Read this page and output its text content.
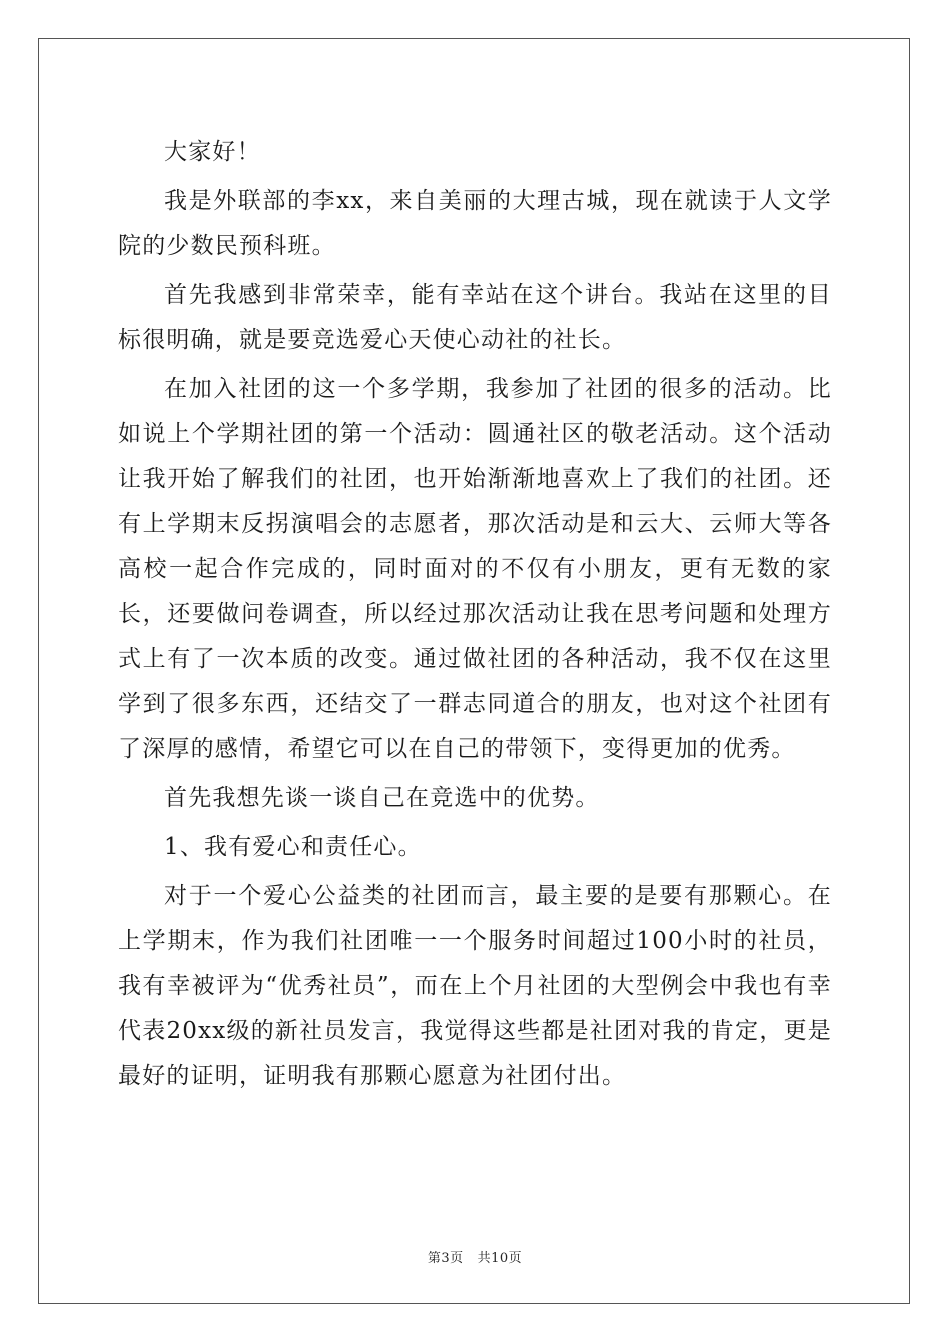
大家好！

我是外联部的李xx，来自美丽的大理古城，现在就读于人文学院的少数民预科班。

首先我感到非常荣幸，能有幸站在这个讲台。我站在这里的目标很明确，就是要竞选爱心天使心动社的社长。

在加入社团的这一个多学期，我参加了社团的很多的活动。比如说上个学期社团的第一个活动：圆通社区的敬老活动。这个活动让我开始了解我们的社团，也开始渐渐地喜欢上了我们的社团。还有上学期末反拐演唱会的志愿者，那次活动是和云大、云师大等各高校一起合作完成的，同时面对的不仅有小朋友，更有无数的家长，还要做问卷调查，所以经过那次活动让我在思考问题和处理方式上有了一次本质的改变。通过做社团的各种活动，我不仅在这里学到了很多东西，还结交了一群志同道合的朋友，也对这个社团有了深厚的感情，希望它可以在自己的带领下，变得更加的优秀。

首先我想先谈一谈自己在竞选中的优势。

1、我有爱心和责任心。

对于一个爱心公益类的社团而言，最主要的是要有那颗心。在上学期末，作为我们社团唯一一个服务时间超过100小时的社员，我有幸被评为“优秀社员”，而在上个月社团的大型例会中我也有幸代表20xx级的新社员发言，我觉得这些都是社团对我的肯定，更是最好的证明，证明我有那颗心愿意为社团付出。

第3页 共10页
